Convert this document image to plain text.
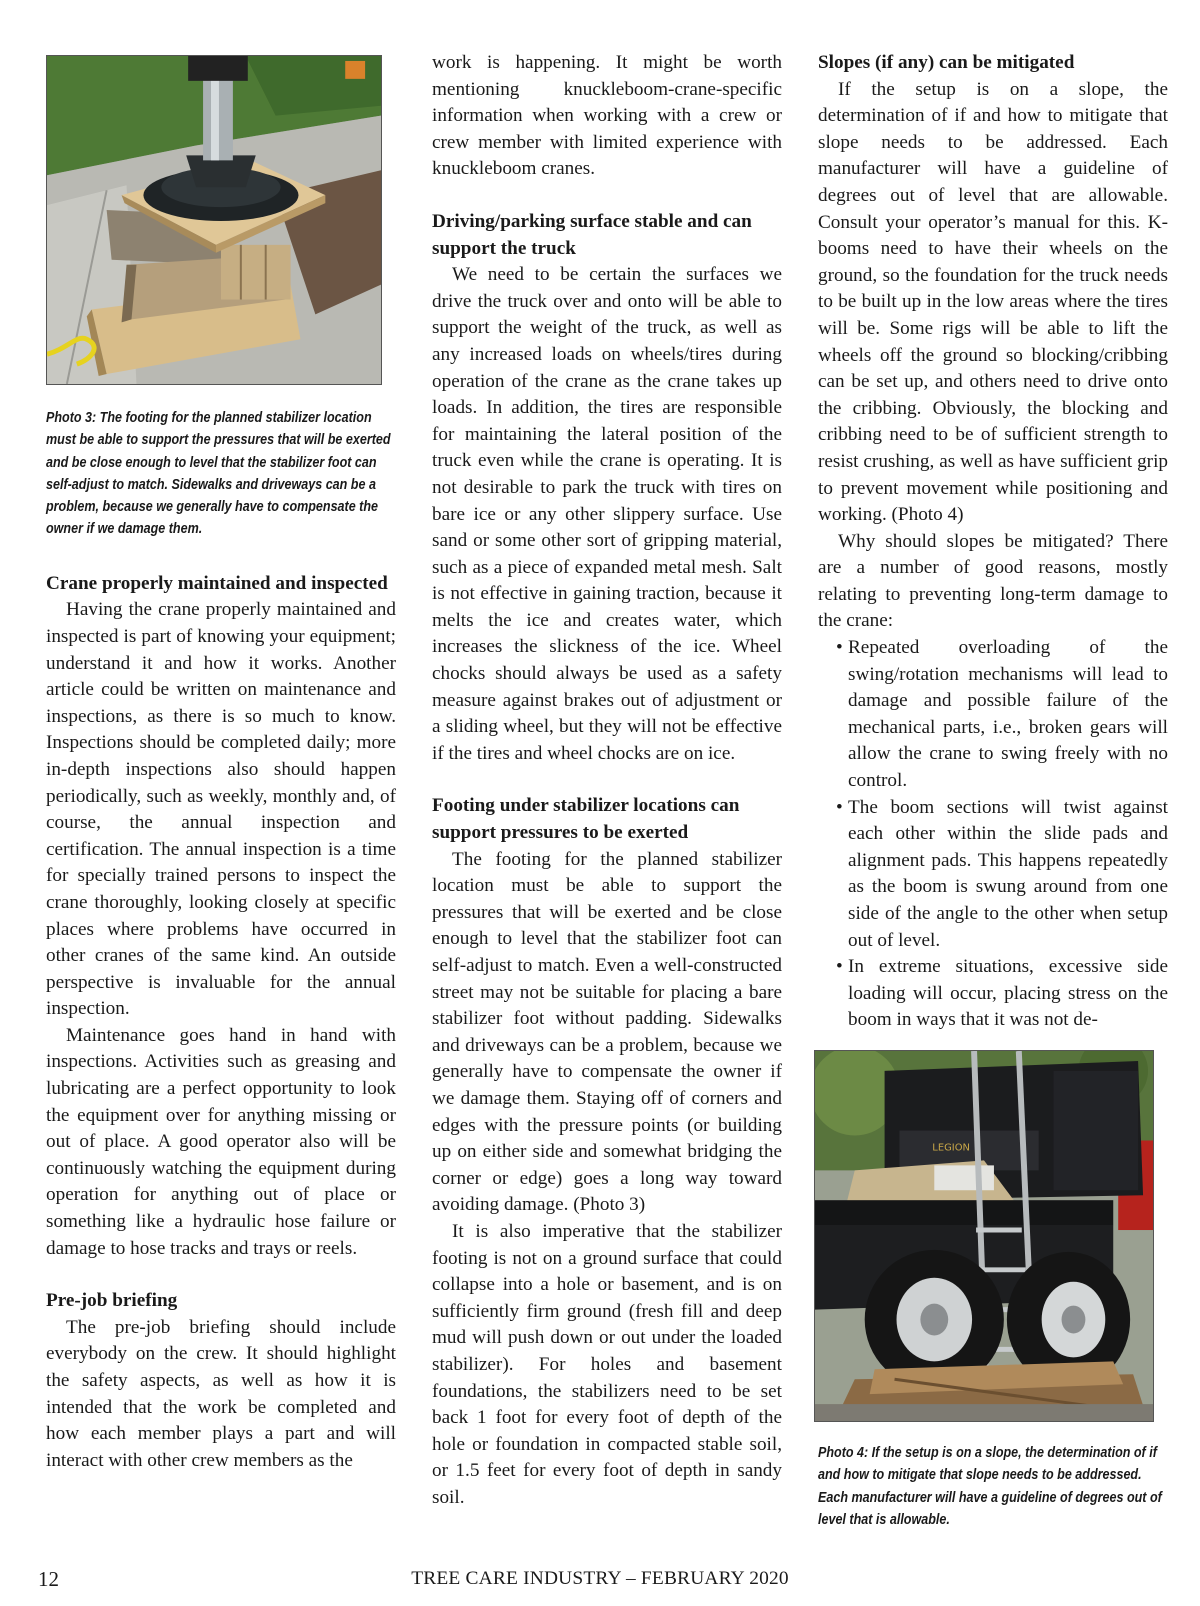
Photo 3: The footing for the planned stabilizer location must be able to support the pressures that will be exerted and be close enough to level that the stabilizer foot can self-adjust to match. Sidewalks and driveways can be a problem, because we generally have to compensate the owner if we damage them.

Crane properly maintained and inspected

Having the crane properly maintained and inspected is part of knowing your equipment; understand it and how it works. Another article could be written on maintenance and inspections, as there is so much to know. Inspections should be completed daily; more in-depth inspections also should happen periodically, such as weekly, monthly and, of course, the annual inspection and certification. The annual inspection is a time for specially trained persons to inspect the crane thoroughly, looking closely at specific places where problems have occurred in other cranes of the same kind. An outside perspective is invaluable for the annual inspection.

Maintenance goes hand in hand with inspections. Activities such as greasing and lubricating are a perfect opportunity to look the equipment over for anything missing or out of place. A good operator also will be continuously watching the equipment during operation for anything out of place or something like a hydraulic hose failure or damage to hose tracks and trays or reels.

Pre-job briefing

The pre-job briefing should include everybody on the crew. It should highlight the safety aspects, as well as how it is intended that the work be completed and how each member plays a part and will interact with other crew members as the

work is happening. It might be worth mentioning knuckleboom-crane-specific information when working with a crew or crew member with limited experience with knuckleboom cranes.

Driving/parking surface stable and can support the truck

We need to be certain the surfaces we drive the truck over and onto will be able to support the weight of the truck, as well as any increased loads on wheels/tires during operation of the crane as the crane takes up loads. In addition, the tires are responsible for maintaining the lateral position of the truck even while the crane is operating. It is not desirable to park the truck with tires on bare ice or any other slippery surface. Use sand or some other sort of gripping material, such as a piece of expanded metal mesh. Salt is not effective in gaining traction, because it melts the ice and creates water, which increases the slickness of the ice. Wheel chocks should always be used as a safety measure against brakes out of adjustment or a sliding wheel, but they will not be effective if the tires and wheel chocks are on ice.

Footing under stabilizer locations can support pressures to be exerted

The footing for the planned stabilizer location must be able to support the pressures that will be exerted and be close enough to level that the stabilizer foot can self-adjust to match. Even a well-constructed street may not be suitable for placing a bare stabilizer foot without padding. Sidewalks and driveways can be a problem, because we generally have to compensate the owner if we damage them. Staying off of corners and edges with the pressure points (or building up on either side and somewhat bridging the corner or edge) goes a long way toward avoiding damage. (Photo 3)

It is also imperative that the stabilizer footing is not on a ground surface that could collapse into a hole or basement, and is on sufficiently firm ground (fresh fill and deep mud will push down or out under the loaded stabilizer). For holes and basement foundations, the stabilizers need to be set back 1 foot for every foot of depth of the hole or foundation in compacted stable soil, or 1.5 feet for every foot of depth in sandy soil.

Slopes (if any) can be mitigated

If the setup is on a slope, the determination of if and how to mitigate that slope needs to be addressed. Each manufacturer will have a guideline of degrees out of level that are allowable. Consult your operator’s manual for this. K-booms need to have their wheels on the ground, so the foundation for the truck needs to be built up in the low areas where the tires will be. Some rigs will be able to lift the wheels off the ground so blocking/cribbing can be set up, and others need to drive onto the cribbing. Obviously, the blocking and cribbing need to be of sufficient strength to resist crushing, as well as have sufficient grip to prevent movement while positioning and working. (Photo 4)

Why should slopes be mitigated? There are a number of good reasons, mostly relating to preventing long-term damage to the crane:

• Repeated overloading of the swing/rotation mechanisms will lead to damage and possible failure of the mechanical parts, i.e., broken gears will allow the crane to swing freely with no control.
• The boom sections will twist against each other within the slide pads and alignment pads. This happens repeatedly as the boom is swung around from one side of the angle to the other when setup out of level.
• In extreme situations, excessive side loading will occur, placing stress on the boom in ways that it was not de-
LEGION

Photo 4: If the setup is on a slope, the determination of if and how to mitigate that slope needs to be addressed. Each manufacturer will have a guideline of degrees out of level that is allowable.

12	TREE CARE INDUSTRY – FEBRUARY 2020
